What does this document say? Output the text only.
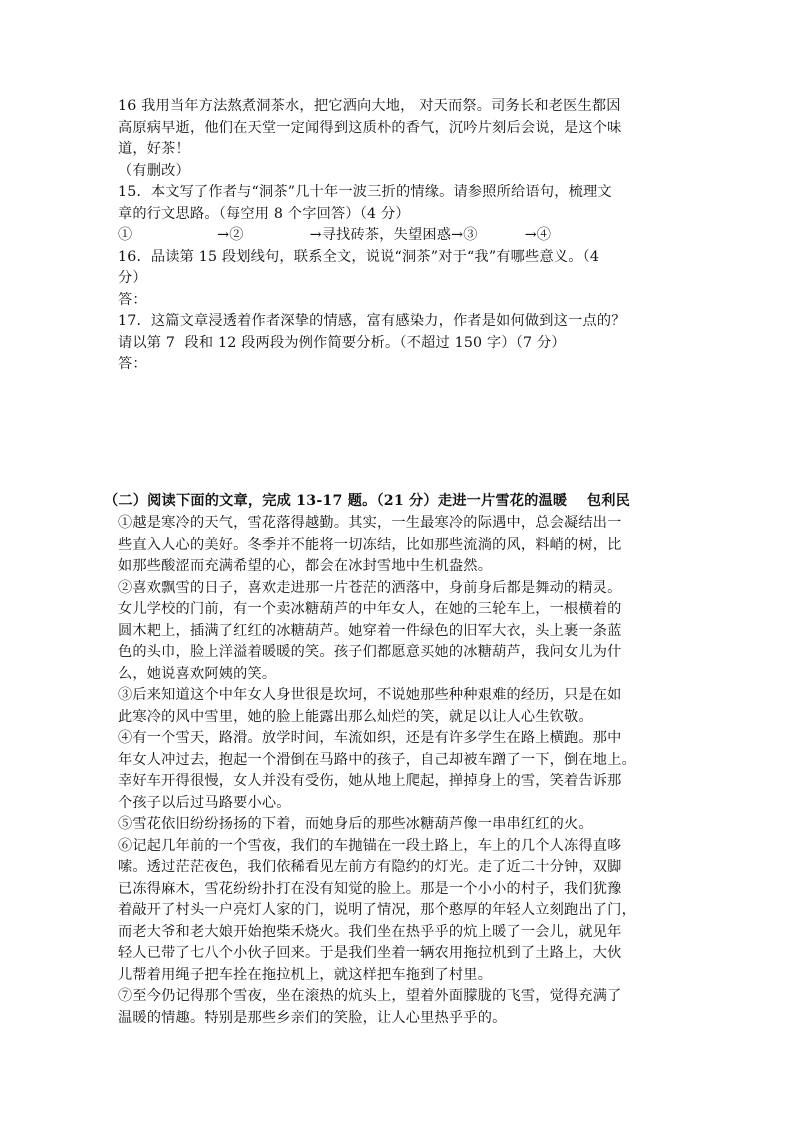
16 我用当年方法熬煮洞茶水，把它洒向大地， 对天而祭。司务长和老医生都因
高原病早逝，他们在天堂一定闻得到这质朴的香气，沉吟片刻后会说，是这个味
道，好茶！
（有删改）
15．本文写了作者与“洞茶”几十年一波三折的情缘。请参照所给语句，梳理文
章的行文思路。（每空用 8 个字回答）（4 分）
①                  →②              →寻找砖茶，失望困惑→③          →④
16．品读第 15 段划线句，联系全文，说说“洞茶”对于“我”有哪些意义。（4
分）
答：
17．这篇文章浸透着作者深挚的情感，富有感染力，作者是如何做到这一点的？
请以第 7  段和 12 段两段为例作简要分析。（不超过 150 字）（7 分）
答：
（二）阅读下面的文章，完成 13-17 题。（21 分）走进一片雪花的温暖　 包利民
①越是寒冷的天气，雪花落得越勤。其实，一生最寒冷的际遇中，总会凝结出一
些直入人心的美好。冬季并不能将一切冻结，比如那些流淌的风，料峭的树，比
如那些酸涩而充满希望的心，都会在冰封雪地中生机盎然。
②喜欢飘雪的日子，喜欢走进那一片苍茫的洒落中，身前身后都是舞动的精灵。
女儿学校的门前，有一个卖冰糖葫芦的中年女人，在她的三轮车上，一根横着的
圆木耙上，插满了红红的冰糖葫芦。她穿着一件绿色的旧军大衣，头上裹一条蓝
色的头巾，脸上洋溢着暖暖的笑。孩子们都愿意买她的冰糖葫芦，我问女儿为什
么，她说喜欢阿姨的笑。
③后来知道这个中年女人身世很是坎坷，不说她那些种种艰难的经历，只是在如
此寒冷的风中雪里，她的脸上能露出那么灿烂的笑，就足以让人心生钦敬。
④有一个雪天，路滑。放学时间，车流如织，还是有许多学生在路上横跑。那中
年女人冲过去，抱起一个滑倒在马路中的孩子，自己却被车蹭了一下，倒在地上。
幸好车开得很慢，女人并没有受伤，她从地上爬起，掸掉身上的雪，笑着告诉那
个孩子以后过马路要小心。
⑤雪花依旧纷纷扬扬的下着，而她身后的那些冰糖葫芦像一串串红红的火。
⑥记起几年前的一个雪夜，我们的车抛锚在一段土路上，车上的几个人冻得直哆
嗦。透过茫茫夜色，我们依稀看见左前方有隐约的灯光。走了近二十分钟，双脚
已冻得麻木，雪花纷纷扑打在没有知觉的脸上。那是一个小小的村子，我们犹豫
着敲开了村头一户亮灯人家的门，说明了情况，那个憨厚的年轻人立刻跑出了门，
而老大爷和老大娘开始抱柴禾烧火。我们坐在热乎乎的炕上暖了一会儿，就见年
轻人已带了七八个小伙子回来。于是我们坐着一辆农用拖拉机到了土路上，大伙
儿帮着用绳子把车拴在拖拉机上，就这样把车拖到了村里。
⑦至今仍记得那个雪夜，坐在滚热的炕头上，望着外面朦胧的飞雪，觉得充满了
温暖的情趣。特别是那些乡亲们的笑脸，让人心里热乎乎的。
